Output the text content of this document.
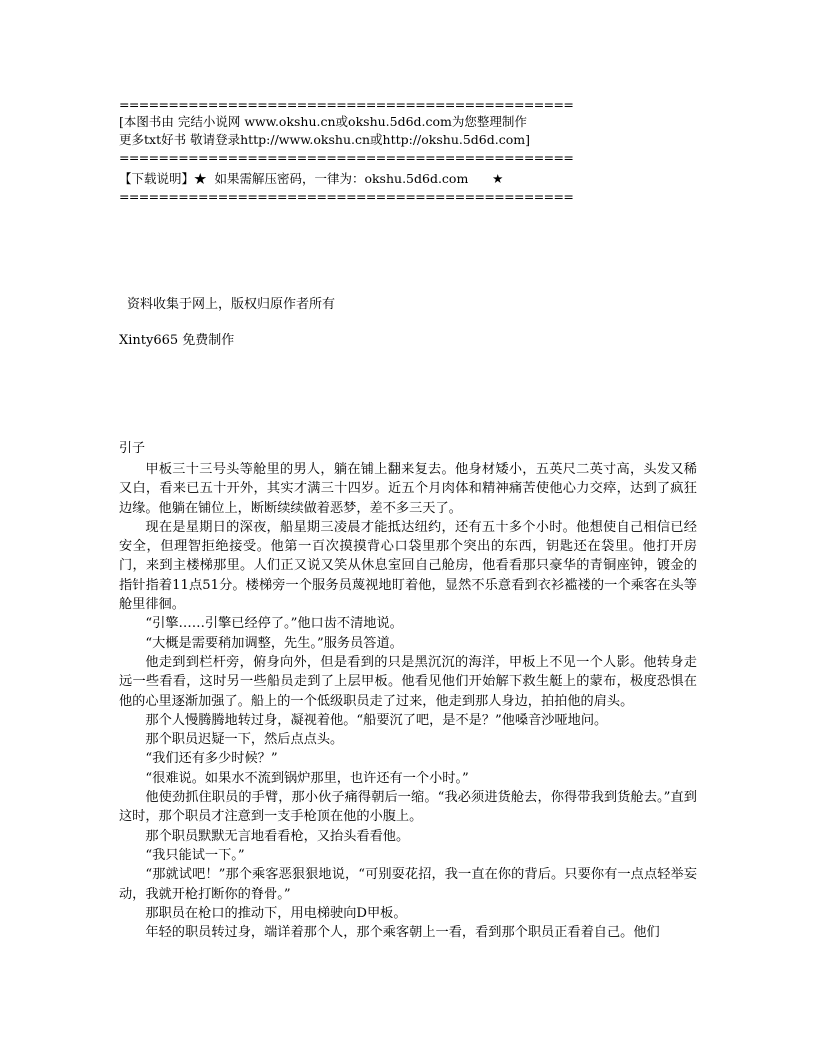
==============================================
[本图书由 完结小说网 www.okshu.cn或okshu.5d6d.com为您整理制作
更多txt好书 敬请登录http://www.okshu.cn或http://okshu.5d6d.com]
==============================================
【下载说明】★  如果需解压密码，一律为：okshu.5d6d.com      ★
==============================================
资料收集于网上，版权归原作者所有
Xinty665 免费制作
引子

甲板三十三号头等舱里的男人，躺在铺上翻来复去。他身材矮小，五英尺二英寸高，头发又稀又白，看来已五十开外，其实才满三十四岁。近五个月肉体和精神痛苦使他心力交瘁，达到了疯狂边缘。他躺在铺位上，断断续续做着恶梦，差不多三天了。

现在是星期日的深夜，船星期三凌晨才能抵达纽约，还有五十多个小时。他想使自己相信已经安全，但理智拒绝接受。他第一百次摸摸背心口袋里那个突出的东西，钥匙还在袋里。他打开房门，来到主楼梯那里。人们正又说又笑从休息室回自己舱房，他看看那只豪华的青铜座钟，镀金的指针指着11点51分。楼梯旁一个服务员蔑视地盯着他，显然不乐意看到衣衫褴褛的一个乘客在头等舱里徘徊。

“引擎……引擎已经停了。”他口齿不清地说。

“大概是需要稍加调整，先生。”服务员答道。

他走到到栏杆旁，俯身向外，但是看到的只是黑沉沉的海洋，甲板上不见一个人影。他转身走远一些看看，这时另一些船员走到了上层甲板。他看见他们开始解下救生艇上的蒙布，极度恐惧在他的心里逐渐加强了。船上的一个低级职员走了过来，他走到那人身边，拍拍他的肩头。

那个人慢腾腾地转过身，凝视着他。“船要沉了吧，是不是？”他嗓音沙哑地问。

那个职员迟疑一下，然后点点头。

“我们还有多少时候？”

“很难说。如果水不流到锅炉那里，也许还有一个小时。”

他使劲抓住职员的手臂，那小伙子痛得朝后一缩。“我必须进货舱去，你得带我到货舱去。”直到这时，那个职员才注意到一支手枪顶在他的小腹上。

那个职员默默无言地看看枪，又抬头看看他。

“我只能试一下。”

“那就试吧！”那个乘客恶狠狠地说，“可别耍花招，我一直在你的背后。只要你有一点点轻举妄动，我就开枪打断你的脊骨。”

那职员在枪口的推动下，用电梯驶向D甲板。

年轻的职员转过身，端详着那个人，那个乘客朝上一看，看到那个职员正看着自己。他们
